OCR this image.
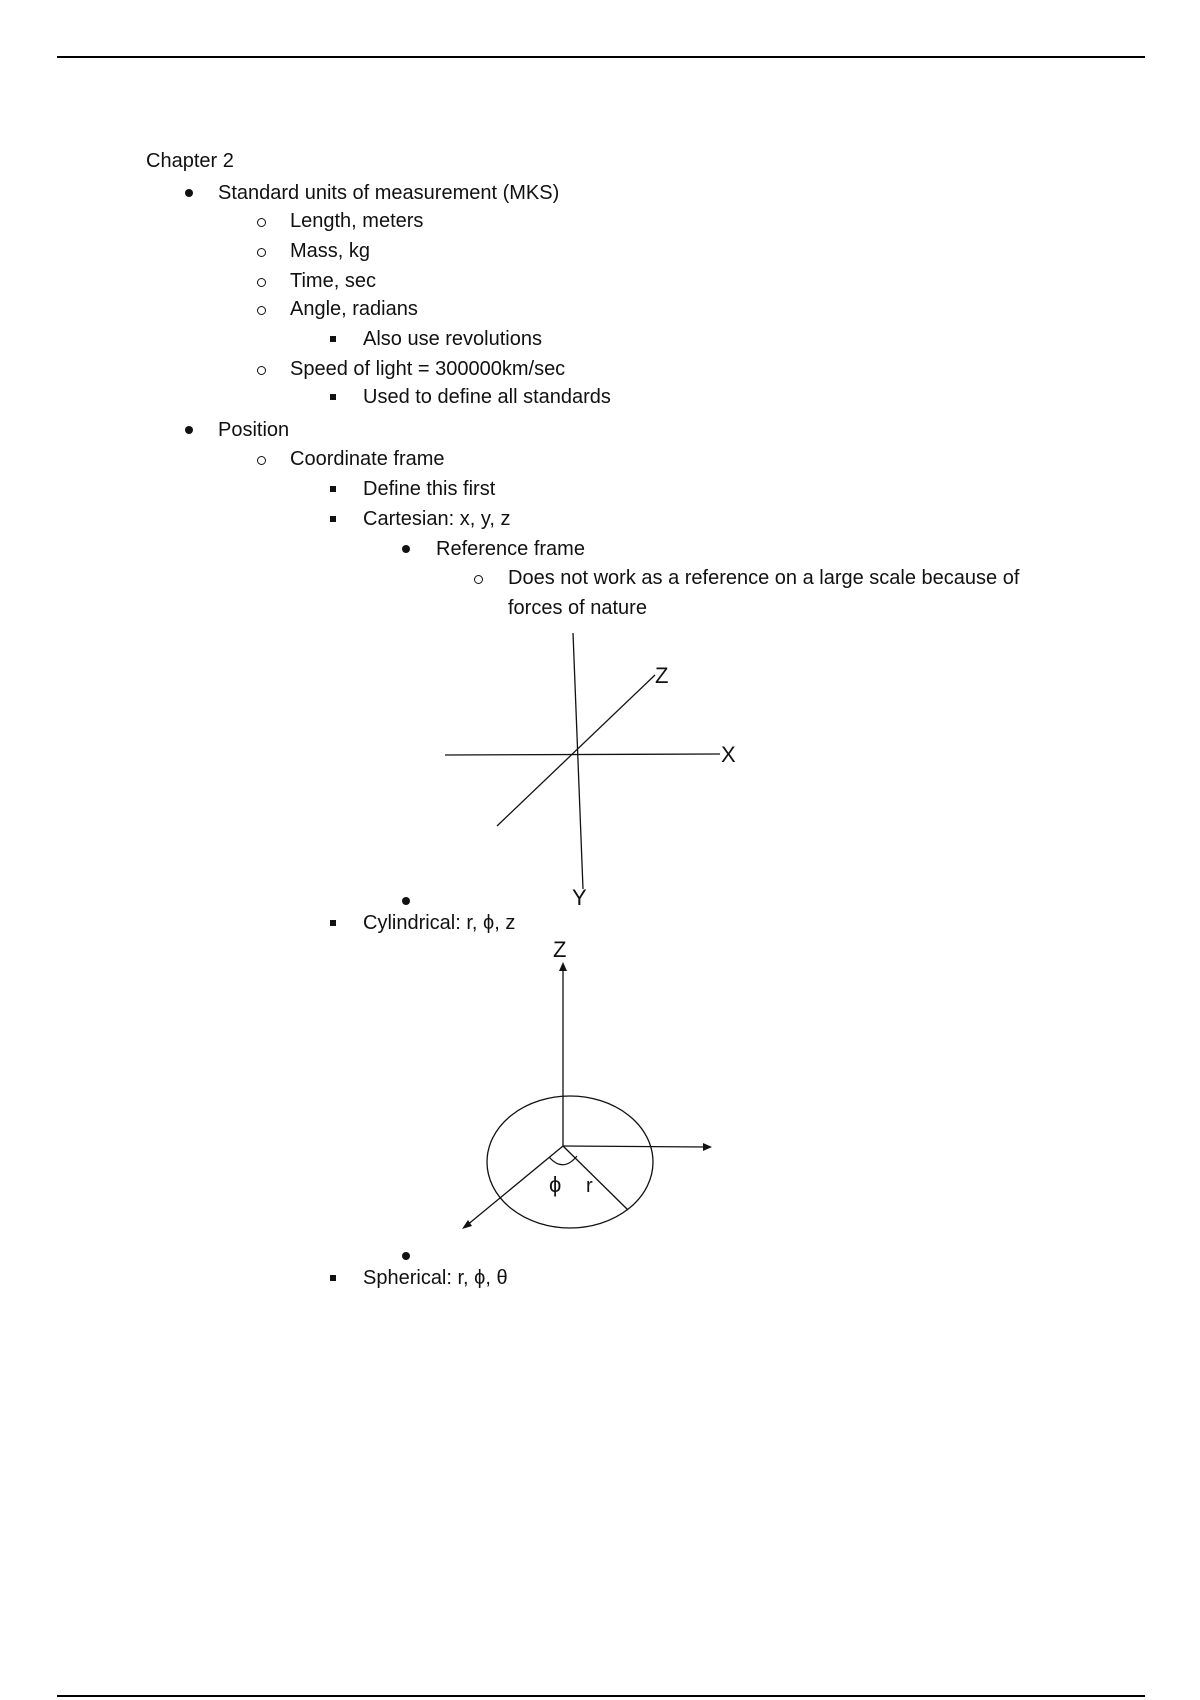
Chapter 2
Standard units of measurement (MKS)
Length, meters
Mass, kg
Time, sec
Angle, radians
Also use revolutions
Speed of light = 300000km/sec
Used to define all standards
Position
Coordinate frame
Define this first
Cartesian: x, y, z
Reference frame
Does not work as a reference on a large scale because of
forces of nature
Z
X
Y
Cylindrical: r, ϕ, z
Z
ϕ r
Spherical: r, ϕ, θ
